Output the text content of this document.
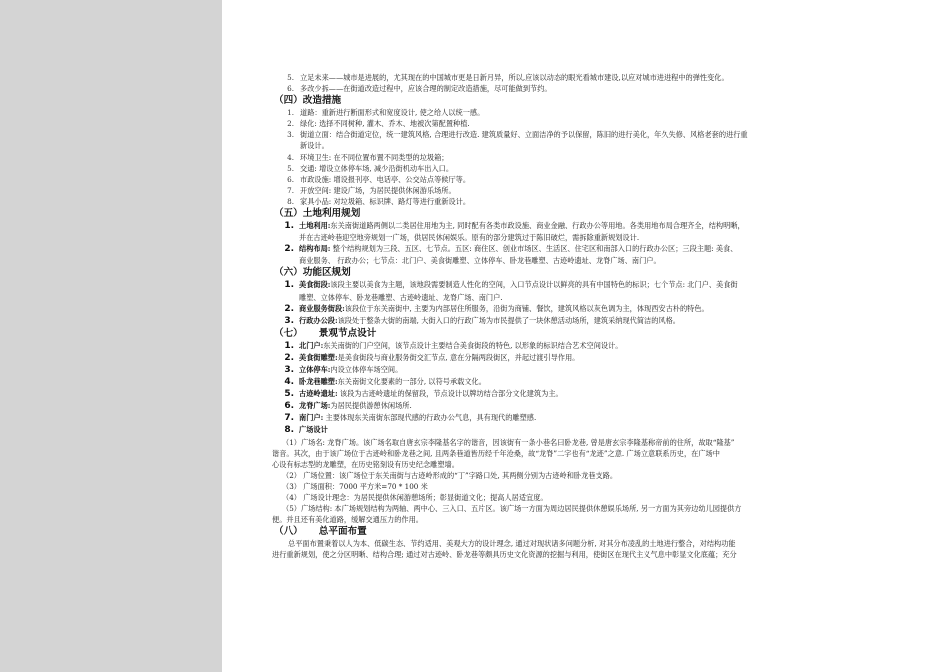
5. 立足未来——城市是进展的，尤其现在的中国城市更是日新月异，所以,应该以动态的眼光看城市建设,以应对城市进进程中的弹性变化。
6. 多改少拆——在街道改造过程中，应该合理的制定改造措施，尽可能做到节约。
（四）改造措施
1. 道路：重新进行断面形式和宽度设计, 使之给人以统一感。
2. 绿化: 选择不同树种, 灌木、乔木、地被次第配置种植.
3. 街道立面：结合街道定位，统一建筑风格, 合理进行改造. 建筑质量好、立面洁净的予以保留，陈旧的进行美化，年久失修、风格老套的进行重
新设计。
4. 环境卫生: 在不同位置布置不同类型的垃圾箱；
5. 交通: 增设立体停车场, 减少沿街机动车出入口。
6. 市政设施: 增设报刊亭、电话亭、公交站点等候厅等。
7. 开放空间: 建设广场，为居民提供休闲游乐场所。
8. 家具小品: 对垃圾箱、标识牌、路灯等进行重新设计。
（五）土地利用规划
1. 土地利用:东关南街道路两侧以二类居住用地为主, 同时配有各类市政设施、商业金融、行政办公等用地。各类用地布局合理齐全，结构明晰，
并在古迹岭巷迎空地旁规划一广场，供居民休闲娱乐。原有的部分建筑过于陈旧破烂，需拆除重新规划设计.
2. 结构布局: 整个结构规划为三段、五区、七节点。五区: 商住区、创业市场区、生活区、住宅区和南部入口的行政办公区；三段主题: 美食、
商业服务、 行政办公；七节点：北门户、美食街雕塑、立体停车、卧龙巷雕塑、古迹岭遗址、龙脊广场、南门户。
（六）功能区规划
1. 美食街段:该段主要以美食为主题，该地段需要制造人性化的空间，入口节点设计以鲜亮的具有中国特色的标识；七个节点: 北门户、美食街
雕塑、立体停车、卧龙巷雕塑、古迹岭遗址、龙脊广场、南门户.
2. 商业服务街段:该段位于东关南街中, 主要为内部居住所服务，沿街为商铺、餐饮，建筑风格以灰色调为主，体现西安古朴的特色。
3. 行政办公段:该段处于整条大街的南端, 大街入口的行政广场为市民提供了一块休憩活动场所，建筑采纳现代简洁的风格。
（七） 景观节点设计
1. 北门户:东关南街的门户空间，该节点设计主要结合美食街段的特色, 以形象的标识结合艺术空间设计。
2. 美食街雕塑:是美食街段与商业服务街交汇节点, 意在分隔两段街区，并起过渡引导作用。
3. 立体停车:内设立体停车场空间。
4. 卧龙巷雕塑:东关南街文化要素的一部分, 以符号承载文化。
5. 古迹岭遗址: 该段为古迹岭遗址的保留段，节点设计以牌坊结合部分文化建筑为主。
6. 龙脊广场:为居民提供游憩休闲场所.
7. 南门户: 主要体现东关南街东部现代感的行政办公气息，具有现代的雕塑感.
8. 广场设计
（1）广场名: 龙脊广场。该广场名取自唐玄宗李隆基名字的谐音，因该街有一条小巷名曰卧龙巷, 曾是唐玄宗李隆基称帝前的住所，故取“隆基”
谐音。其次，由于该广场位于古迹岭和卧龙巷之间, 且两条巷道皆历经千年沧桑，故“龙脊”二字也有“龙迹”之意. 广场立意联系历史，在广场中
心设有标志型的龙雕塑，在历史铭刻设有历史纪念雕塑墙。
（2） 广场位置：该广场位于东关南街与古迹岭形成的“丁”字路口处, 其两侧分别为古迹岭和卧龙巷支路。
（3） 广场面积：7000 平方米=70 * 100 米
（4） 广场设计理念：为居民提供休闲游憩场所；彰显街道文化；提高人居适宜度。
（5）广场结构: 本广场规划结构为两轴、两中心、三入口、五片区。该广场一方面为周边居民提供休憩娱乐场所, 另一方面为其旁边幼儿园提供方
便。并且还有美化道路，缓解交通压力的作用。
（八） 总平面布置
总平面布置秉着以人为本、低碳生态、节约适用、美观大方的设计理念, 通过对现状诸多问题分析, 对其分布凌乱的土地进行整合，对结构功能
进行重新规划，使之分区明晰、结构合理; 通过对古迹岭、卧龙巷等颇具历史文化资源的挖掘与利用，使街区在现代主义气息中彰显文化底蕴；充分
